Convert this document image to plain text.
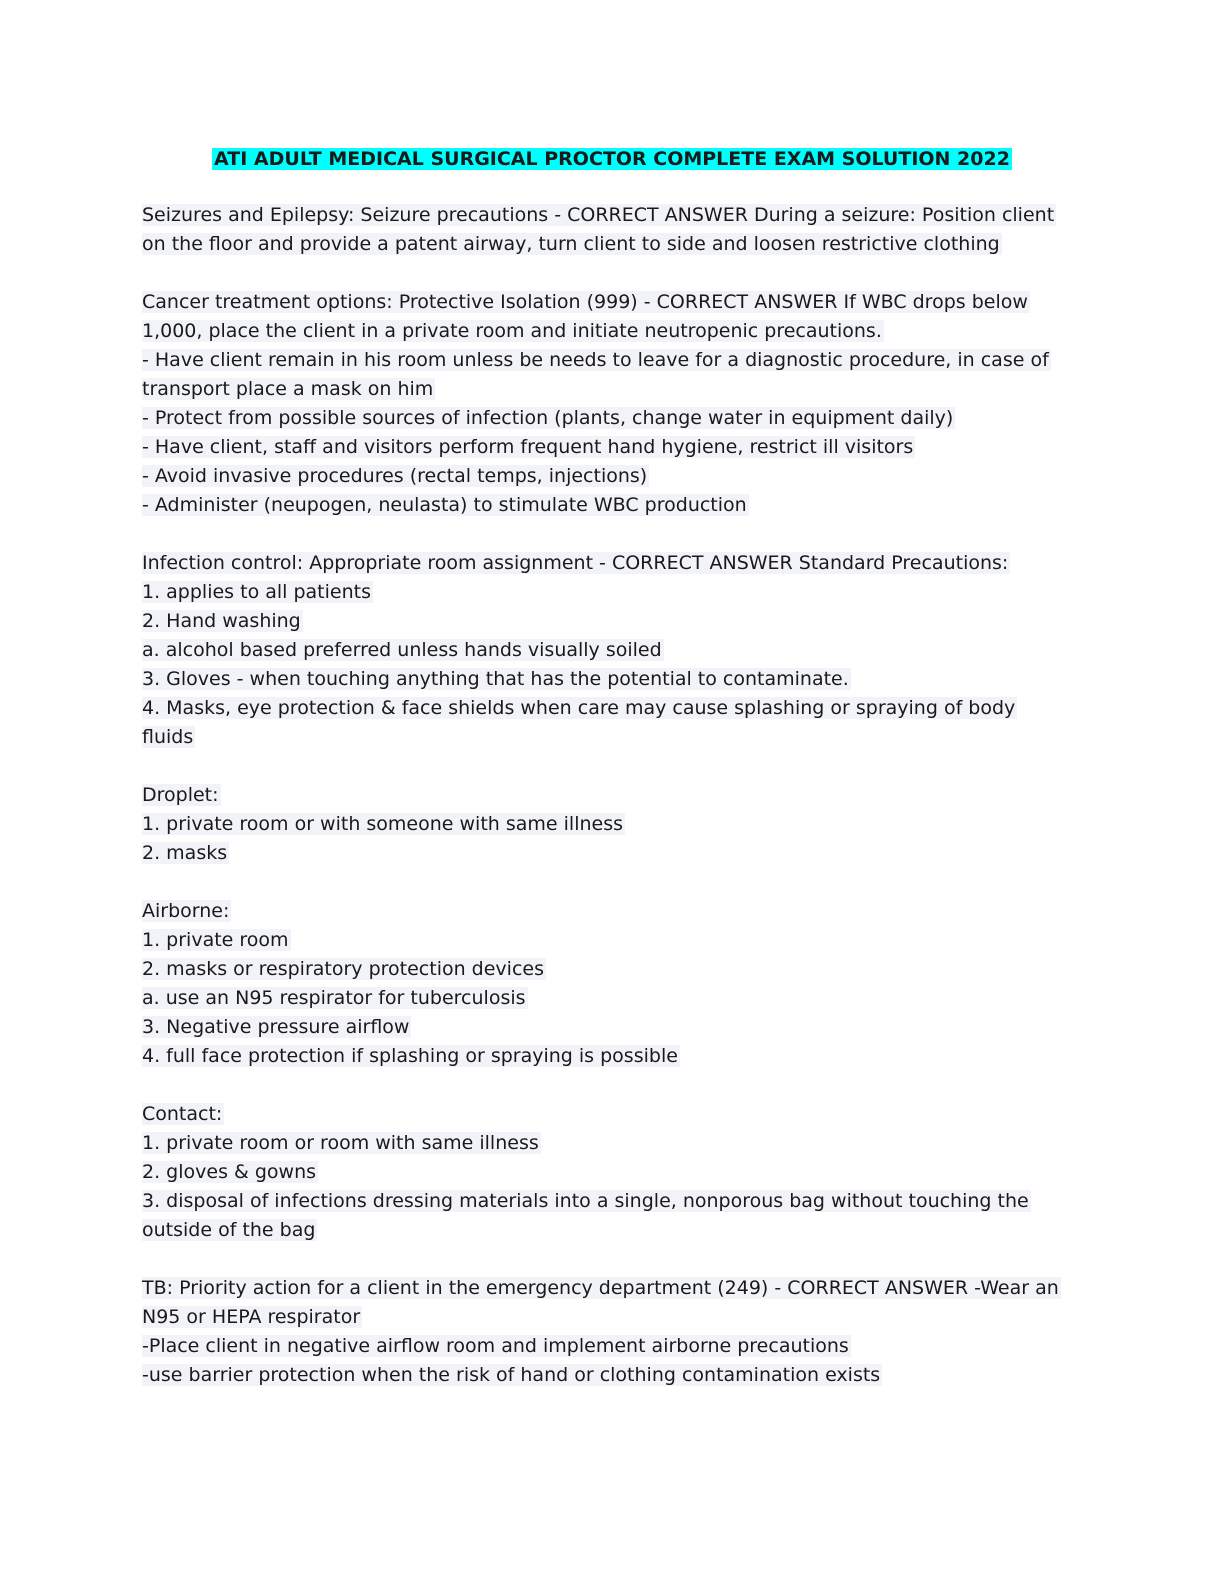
ATI ADULT MEDICAL SURGICAL PROCTOR COMPLETE EXAM SOLUTION 2022
Seizures and Epilepsy: Seizure precautions - CORRECT ANSWER During a seizure: Position client
on the floor and provide a patent airway, turn client to side and loosen restrictive clothing
Cancer treatment options: Protective Isolation (999) - CORRECT ANSWER If WBC drops below
1,000, place the client in a private room and initiate neutropenic precautions.
- Have client remain in his room unless be needs to leave for a diagnostic procedure, in case of
transport place a mask on him
- Protect from possible sources of infection (plants, change water in equipment daily)
- Have client, staff and visitors perform frequent hand hygiene, restrict ill visitors
- Avoid invasive procedures (rectal temps, injections)
- Administer (neupogen, neulasta) to stimulate WBC production
Infection control: Appropriate room assignment - CORRECT ANSWER Standard Precautions:
1. applies to all patients
2. Hand washing
a. alcohol based preferred unless hands visually soiled
3. Gloves - when touching anything that has the potential to contaminate.
4. Masks, eye protection & face shields when care may cause splashing or spraying of body
fluids
Droplet:
1. private room or with someone with same illness
2. masks
Airborne:
1. private room
2. masks or respiratory protection devices
a. use an N95 respirator for tuberculosis
3. Negative pressure airflow
4. full face protection if splashing or spraying is possible
Contact:
1. private room or room with same illness
2. gloves & gowns
3. disposal of infections dressing materials into a single, nonporous bag without touching the
outside of the bag
TB: Priority action for a client in the emergency department (249) - CORRECT ANSWER -Wear an
N95 or HEPA respirator
-Place client in negative airflow room and implement airborne precautions
-use barrier protection when the risk of hand or clothing contamination exists
